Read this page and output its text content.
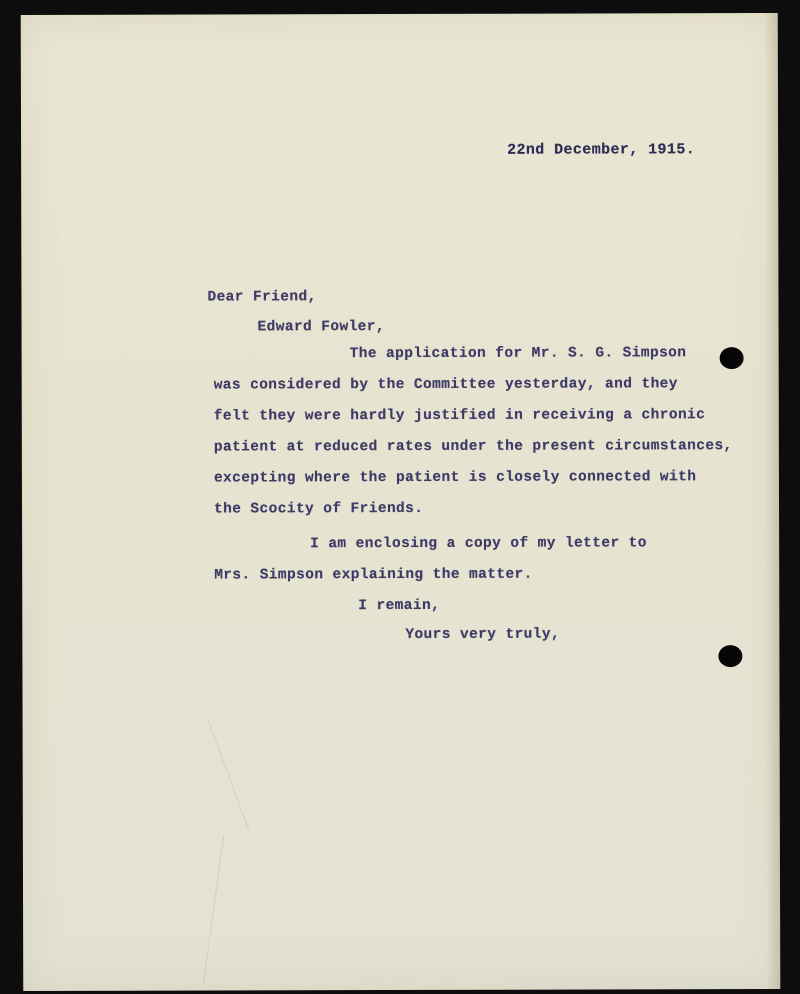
22nd December, 1915.
Dear Friend,
Edward Fowler,
The application for Mr. S. G. Simpson
was considered by the Committee yesterday, and they
felt they were hardly justified in receiving a chronic
patient at reduced rates under the present circumstances,
excepting where the patient is closely connected with
the Scocity of Friends.
I am enclosing a copy of my letter to
Mrs. Simpson explaining the matter.
I remain,
Yours very truly,
